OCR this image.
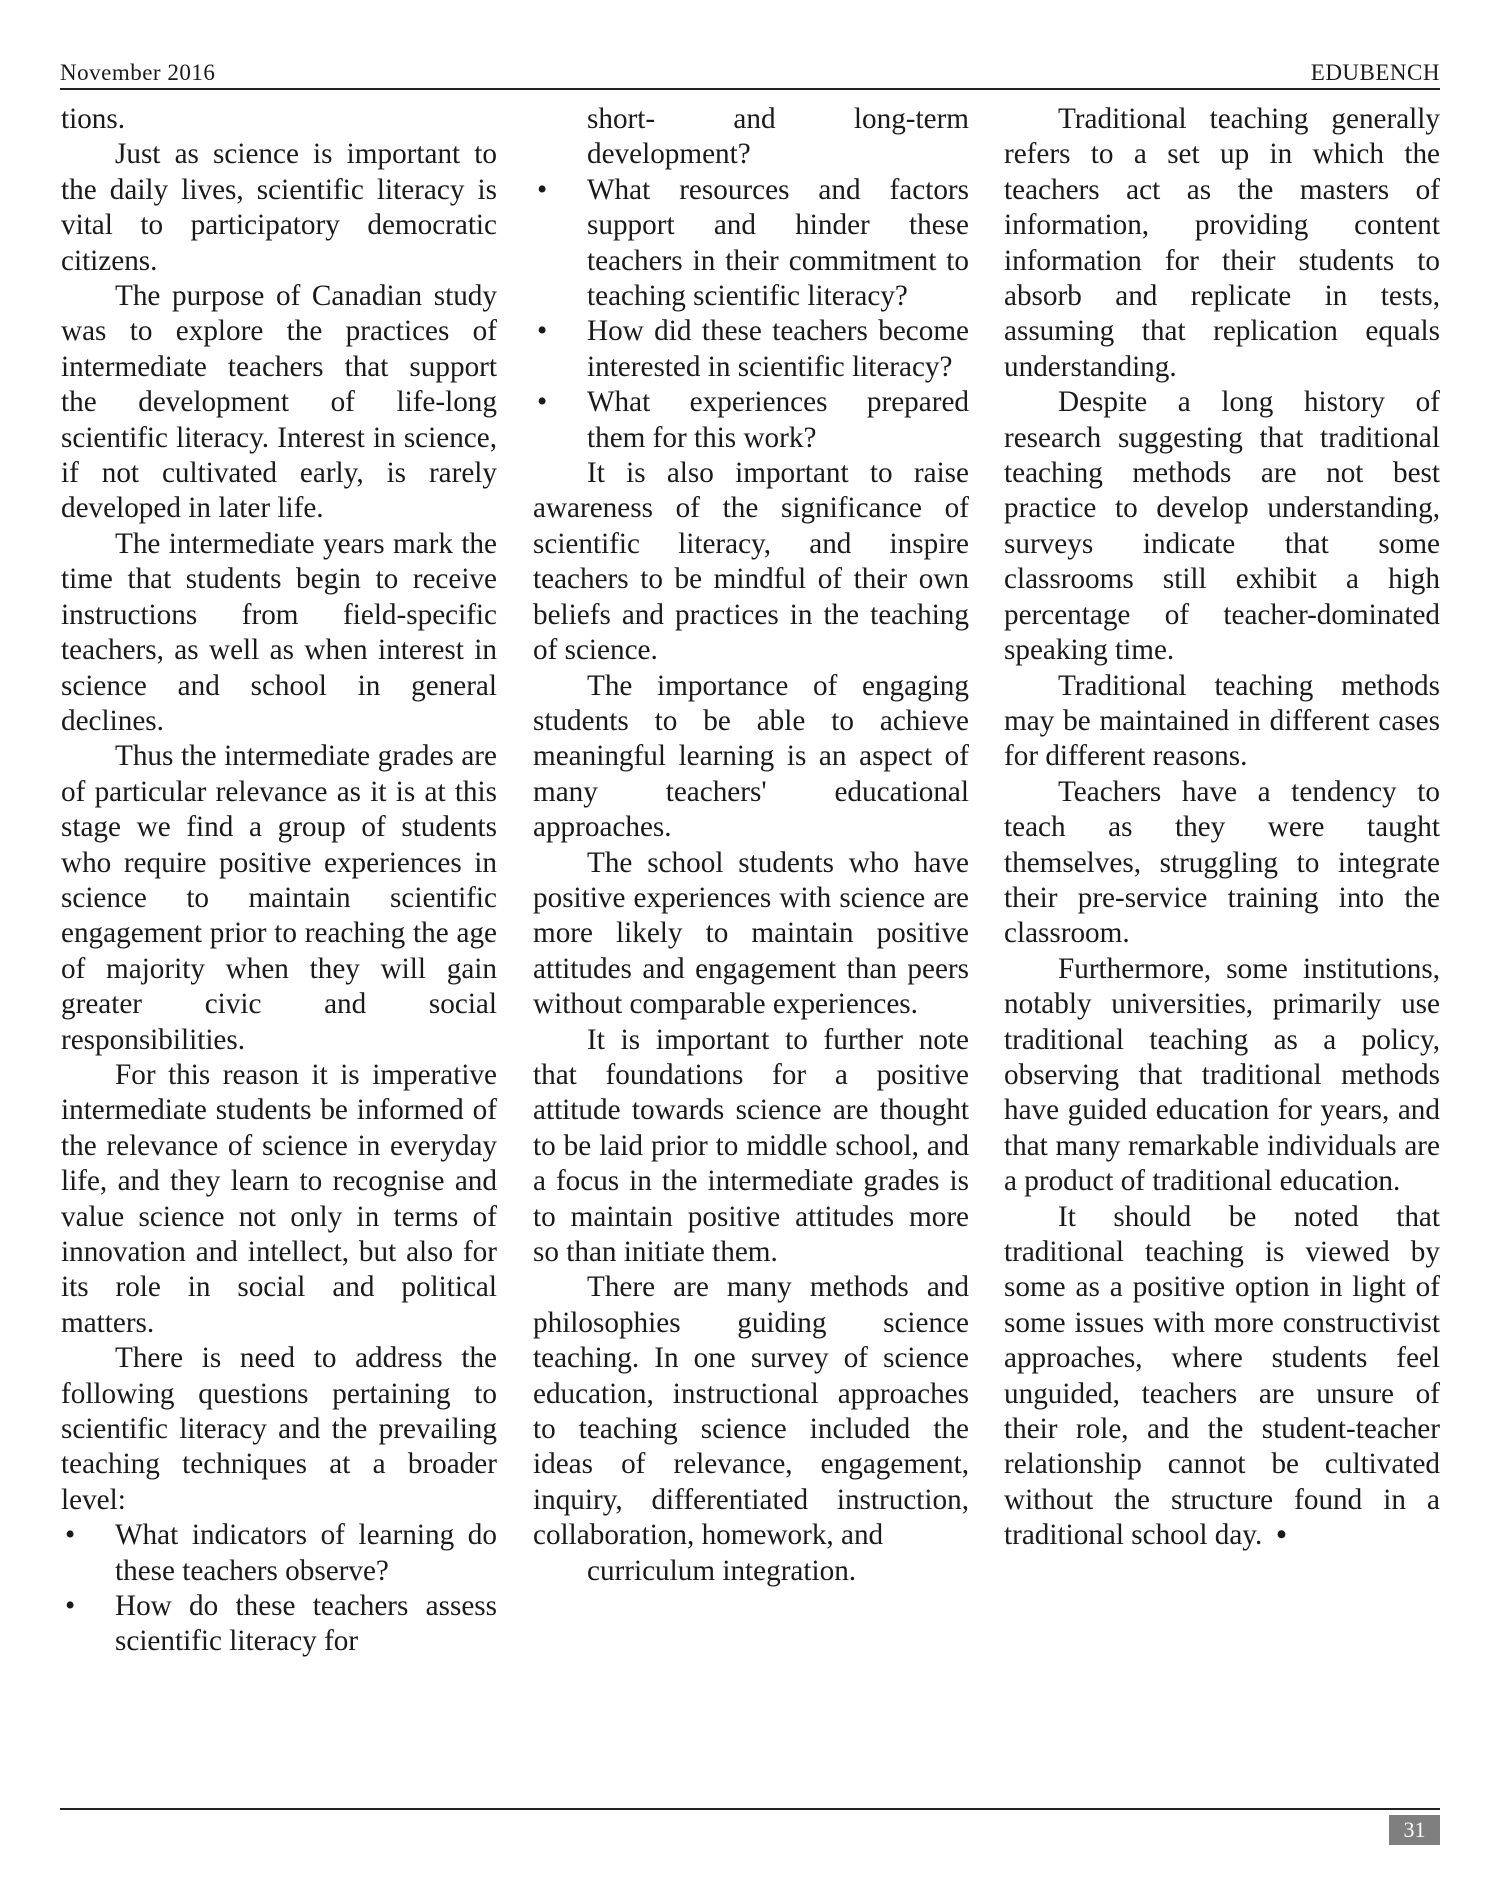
November 2016	EDUBENCH

tions.

Just as science is important to the daily lives, scientific literacy is vital to participatory democratic citizens.

The purpose of Canadian study was to explore the practices of intermediate teachers that support the development of life-long scientific literacy. Interest in science, if not cultivated early, is rarely developed in later life.

The intermediate years mark the time that students begin to receive instructions from field-specific teachers, as well as when interest in science and school in general declines.

Thus the intermediate grades are of particular relevance as it is at this stage we find a group of students who require positive experiences in science to maintain scientific engagement prior to reaching the age of majority when they will gain greater civic and social responsibilities.

For this reason it is imperative intermediate students be informed of the relevance of science in everyday life, and they learn to recognise and value science not only in terms of innovation and intellect, but also for its role in social and political matters.

There is need to address the following questions pertaining to scientific literacy and the prevailing teaching techniques at a broader level:

• What indicators of learning do these teachers observe?
• How do these teachers assess scientific literacy for

short- and long-term development?

• What resources and factors support and hinder these teachers in their commitment to teaching scientific literacy?
• How did these teachers become interested in scientific literacy?
• What experiences prepared them for this work?

It is also important to raise awareness of the significance of scientific literacy, and inspire teachers to be mindful of their own beliefs and practices in the teaching of science.

The importance of engaging students to be able to achieve meaningful learning is an aspect of many teachers' educational approaches.

The school students who have positive experiences with science are more likely to maintain positive attitudes and engagement than peers without comparable experiences.

It is important to further note that foundations for a positive attitude towards science are thought to be laid prior to middle school, and a focus in the intermediate grades is to maintain positive attitudes more so than initiate them.

There are many methods and philosophies guiding science teaching. In one survey of science education, instructional approaches to teaching science included the ideas of relevance, engagement, inquiry, differentiated instruction, collaboration, homework, and

curriculum integration.

Traditional teaching generally refers to a set up in which the teachers act as the masters of information, providing content information for their students to absorb and replicate in tests, assuming that replication equals understanding.

Despite a long history of research suggesting that traditional teaching methods are not best practice to develop understanding, surveys indicate that some classrooms still exhibit a high percentage of teacher-dominated speaking time.

Traditional teaching methods may be maintained in different cases for different reasons.

Teachers have a tendency to teach as they were taught themselves, struggling to integrate their pre-service training into the classroom.

Furthermore, some institutions, notably universities, primarily use traditional teaching as a policy, observing that traditional methods have guided education for years, and that many remarkable individuals are a product of traditional education.

It should be noted that traditional teaching is viewed by some as a positive option in light of some issues with more constructivist approaches, where students feel unguided, teachers are unsure of their role, and the student-teacher relationship cannot be cultivated without the structure found in a traditional school day. •

31
